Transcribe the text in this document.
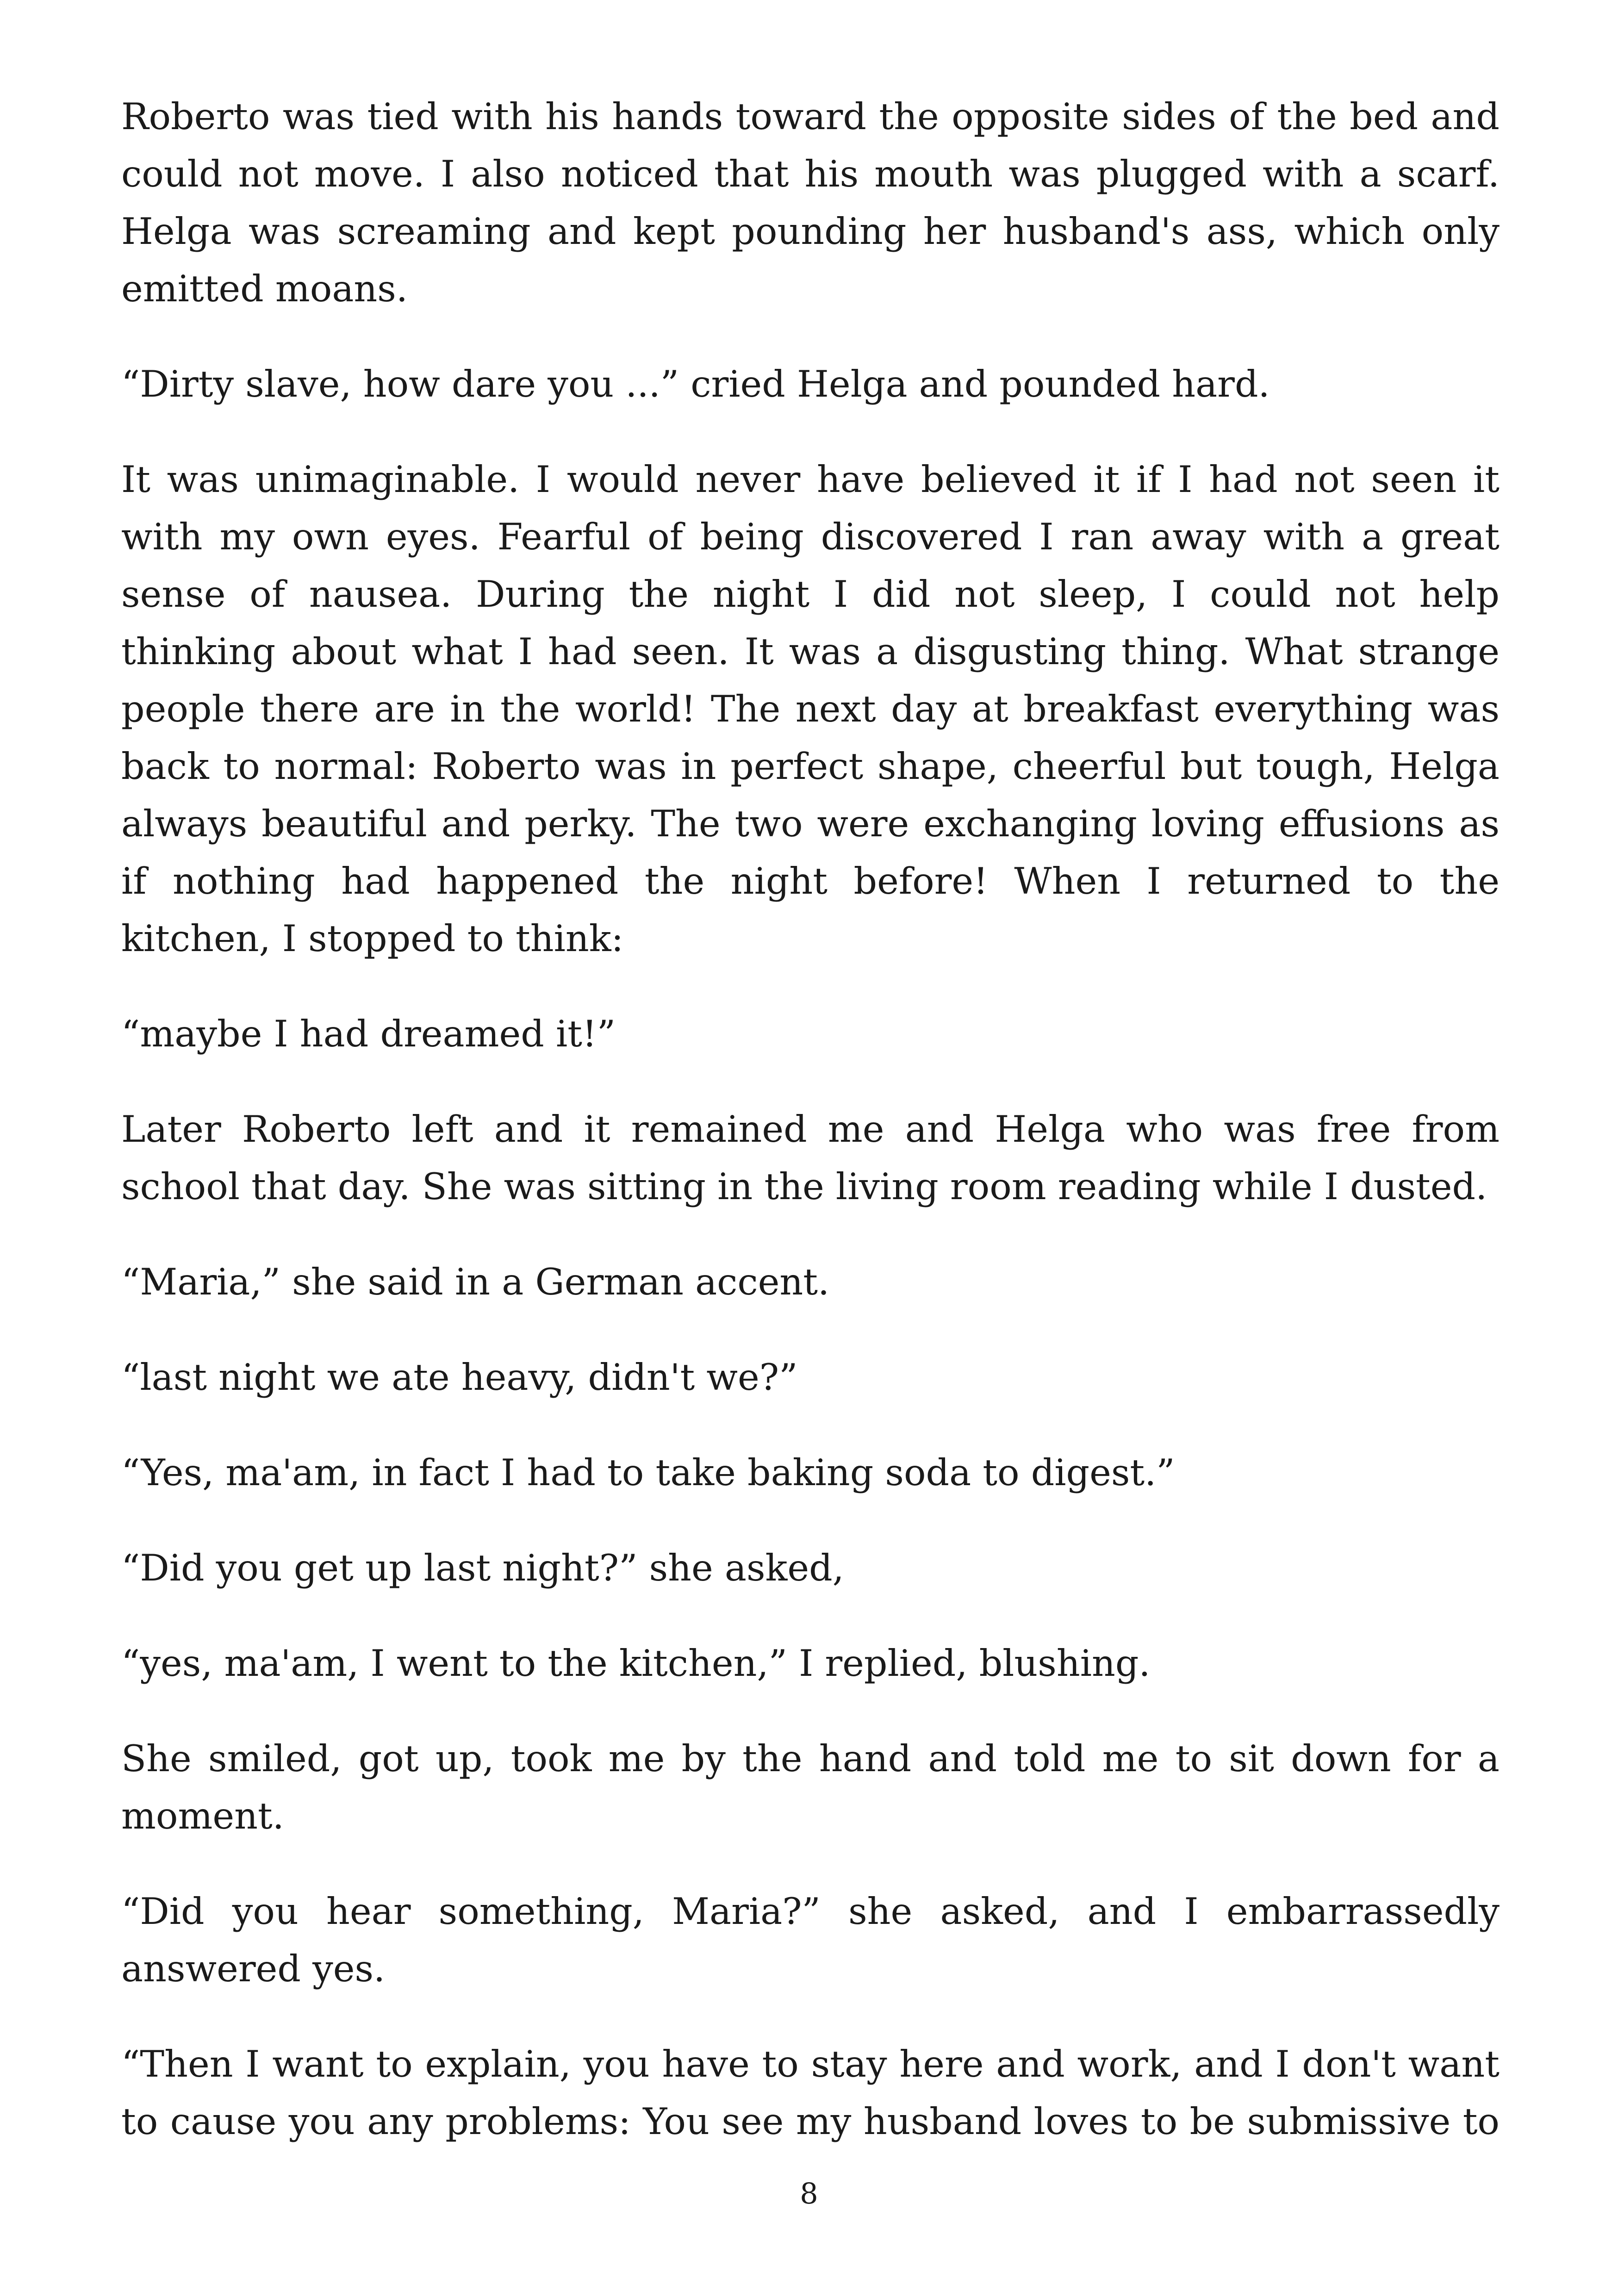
Roberto was tied with his hands toward the opposite sides of the bed and could not move. I also noticed that his mouth was plugged with a scarf. Helga was screaming and kept pounding her husband's ass, which only emitted moans.

“Dirty slave, how dare you ...” cried Helga and pounded hard.

It was unimaginable. I would never have believed it if I had not seen it with my own eyes. Fearful of being discovered I ran away with a great sense of nausea. During the night I did not sleep, I could not help thinking about what I had seen. It was a disgusting thing. What strange people there are in the world! The next day at breakfast everything was back to normal: Roberto was in perfect shape, cheerful but tough, Helga always beautiful and perky. The two were exchanging loving effusions as if nothing had happened the night before! When I returned to the kitchen, I stopped to think:

“maybe I had dreamed it!”

Later Roberto left and it remained me and Helga who was free from school that day. She was sitting in the living room reading while I dusted.

“Maria,” she said in a German accent.

“last night we ate heavy, didn't we?”

“Yes, ma'am, in fact I had to take baking soda to digest.”

“Did you get up last night?” she asked,

“yes, ma'am, I went to the kitchen,” I replied, blushing.

She smiled, got up, took me by the hand and told me to sit down for a moment.

“Did you hear something, Maria?” she asked, and I embarrassedly answered yes.

“Then I want to explain, you have to stay here and work, and I don't want to cause you any problems: You see my husband loves to be submissive to

8
